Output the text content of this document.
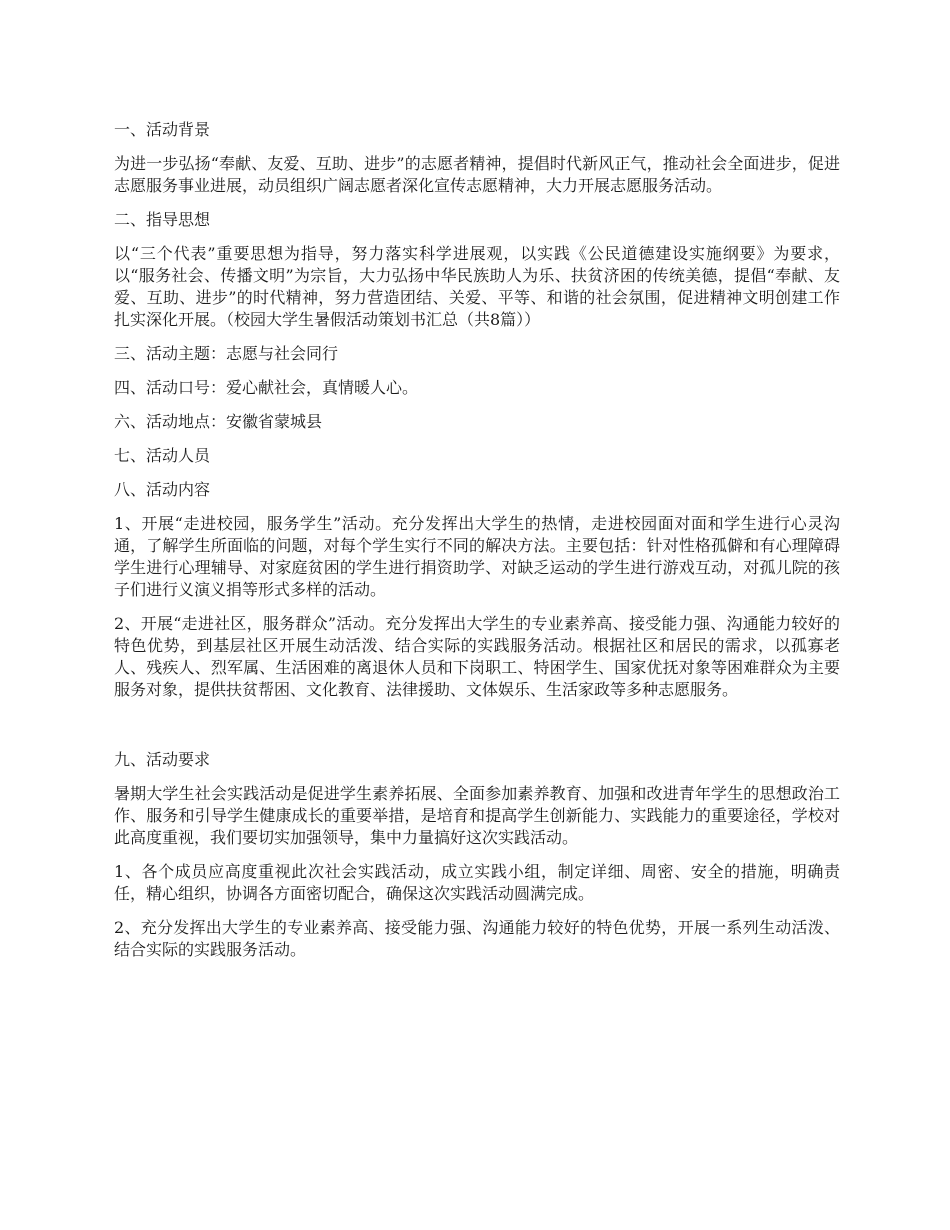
一、活动背景

为进一步弘扬“奉献、友爱、互助、进步”的志愿者精神，提倡时代新风正气，推动社会全面进步，促进志愿服务事业进展，动员组织广阔志愿者深化宣传志愿精神，大力开展志愿服务活动。

二、指导思想

以“三个代表”重要思想为指导，努力落实科学进展观，以实践《公民道德建设实施纲要》为要求，以“服务社会、传播文明”为宗旨，大力弘扬中华民族助人为乐、扶贫济困的传统美德，提倡“奉献、友爱、互助、进步”的时代精神，努力营造团结、关爱、平等、和谐的社会氛围，促进精神文明创建工作扎实深化开展。（校园大学生暑假活动策划书汇总（共8篇））

三、活动主题：志愿与社会同行

四、活动口号：爱心献社会，真情暖人心。

六、活动地点：安徽省蒙城县

七、活动人员

八、活动内容

1、开展“走进校园，服务学生”活动。充分发挥出大学生的热情，走进校园面对面和学生进行心灵沟通，了解学生所面临的问题，对每个学生实行不同的解决方法。主要包括：针对性格孤僻和有心理障碍学生进行心理辅导、对家庭贫困的学生进行捐资助学、对缺乏运动的学生进行游戏互动，对孤儿院的孩子们进行义演义捐等形式多样的活动。

2、开展“走进社区，服务群众”活动。充分发挥出大学生的专业素养高、接受能力强、沟通能力较好的特色优势，到基层社区开展生动活泼、结合实际的实践服务活动。根据社区和居民的需求，以孤寡老人、残疾人、烈军属、生活困难的离退休人员和下岗职工、特困学生、国家优抚对象等困难群众为主要服务对象，提供扶贫帮困、文化教育、法律援助、文体娱乐、生活家政等多种志愿服务。

九、活动要求

暑期大学生社会实践活动是促进学生素养拓展、全面参加素养教育、加强和改进青年学生的思想政治工作、服务和引导学生健康成长的重要举措，是培育和提高学生创新能力、实践能力的重要途径，学校对此高度重视，我们要切实加强领导，集中力量搞好这次实践活动。

1、各个成员应高度重视此次社会实践活动，成立实践小组，制定详细、周密、安全的措施，明确责任，精心组织，协调各方面密切配合，确保这次实践活动圆满完成。

2、充分发挥出大学生的专业素养高、接受能力强、沟通能力较好的特色优势，开展一系列生动活泼、结合实际的实践服务活动。
